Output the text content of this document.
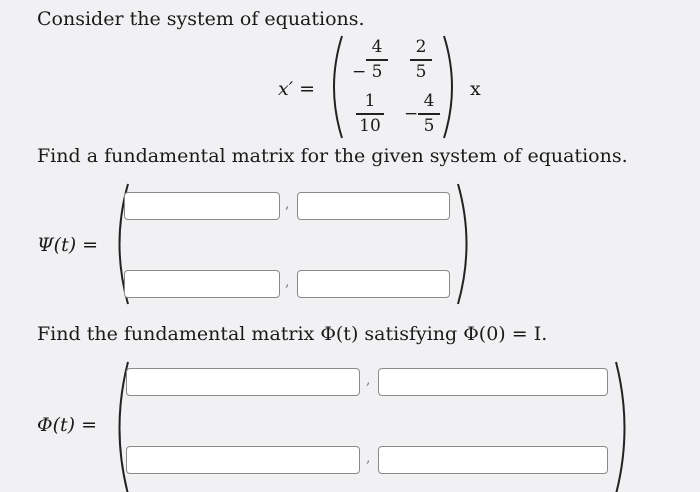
Consider the system of equations.
x′ =
−
4
5
2
5
1
10
−
4
5
x
Find a fundamental matrix for the given system of equations.
Ψ(t) =
,
,
Find the fundamental matrix Φ(t) satisfying Φ(0) = I.
Φ(t) =
,
,
